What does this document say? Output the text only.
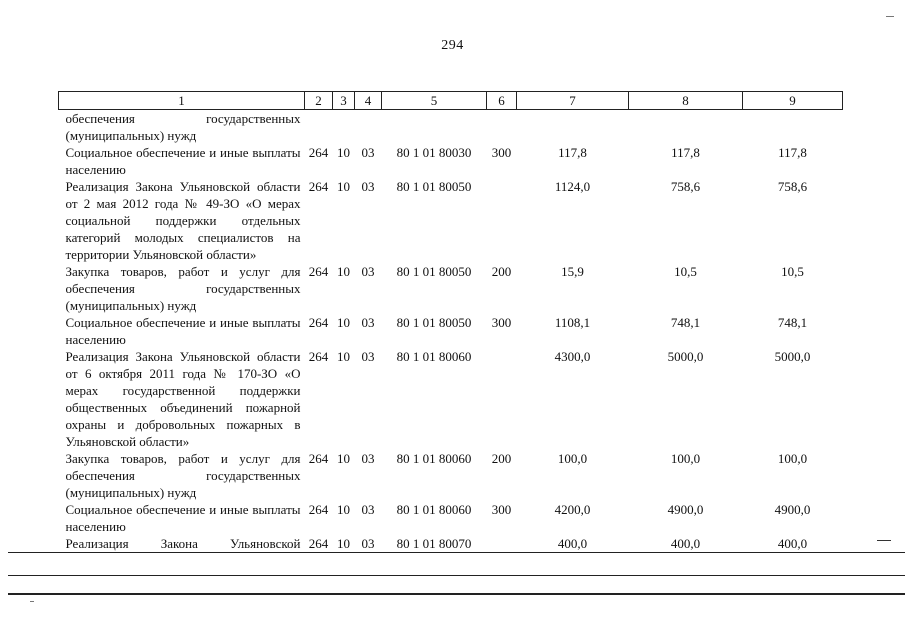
294
1	2	3	4	5	6	7	8	9
обеспечения государственных (муниципальных) нужд								
Социальное обеспечение и иные выплаты населению	264	10	03	80 1 01 80030	300	117,8	117,8	117,8
Реализация Закона Ульяновской области от 2 мая 2012 года № 49-ЗО «О мерах социальной поддержки отдельных категорий молодых специалистов на территории Ульяновской области»	264	10	03	80 1 01 80050		1124,0	758,6	758,6
Закупка товаров, работ и услуг для обеспечения государственных (муниципальных) нужд	264	10	03	80 1 01 80050	200	15,9	10,5	10,5
Социальное обеспечение и иные выплаты населению	264	10	03	80 1 01 80050	300	1108,1	748,1	748,1
Реализация Закона Ульяновской области от 6 октября 2011 года № 170-ЗО «О мерах государственной поддержки общественных объединений пожарной охраны и добровольных пожарных в Ульяновской области»	264	10	03	80 1 01 80060		4300,0	5000,0	5000,0
Закупка товаров, работ и услуг для обеспечения государственных (муниципальных) нужд	264	10	03	80 1 01 80060	200	100,0	100,0	100,0
Социальное обеспечение и иные выплаты населению	264	10	03	80 1 01 80060	300	4200,0	4900,0	4900,0
Реализация Закона Ульяновской	264	10	03	80 1 01 80070		400,0	400,0	400,0
